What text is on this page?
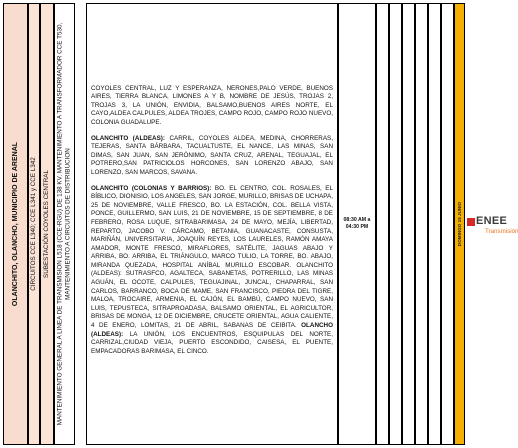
OLANCHITO, OLANCHO, MUNICIPIO DE ARENAL CIRCUITOS CCE L340; CCE L341 y CCE L342 SUBESTACIÓN COYOLES CENTRAL MANTENIMIENTO GENERAL A LINEA DE TRANSMISION L518 (CCE-RGU) DE 138 KV, MANTENIMIENTO A TRANSFORMADOR CCE T530, MANTENIMIENTO A CIRCUITOS DE DISTRIBUCION

COYOLES CENTRAL, LUZ Y ESPERANZA, NERONES,PALO VERDE, BUENOS AIRES, TIERRA BLANCA, LIMONES A Y B, NOMBRE DE JESÚS, TROJAS 2, TROJAS 3, LA UNIÓN, ENVIDIA, BALSAMO,BUENOS AIRES NORTE, EL CAYO,ALDEA CALPULES, ALDEA TROJES, CAMPO ROJO, CAMPO ROJO NUEVO, COLONIA GUADALUPE.

OLANCHITO (ALDEAS): CARRIL, COYOLES ALDEA, MEDINA, CHORRERAS, TEJERAS, SANTA BÁRBARA, TACUALTUSTE, EL NANCE, LAS MINAS, SAN DIMAS, SAN JUAN, SAN JERÓNIMO, SANTA CRUZ, ARENAL, TEGUAJAL, EL POTRERO,SAN PATRICIOLOS HORCONES, SAN LORENZO ABAJO, SAN LORENZO, SAN MARCOS, SAVANA.

OLANCHITO (COLONIAS Y BARRIOS): BO. EL CENTRO, COL. ROSALES, EL BÍBLICO, DIONISIO, LOS ANGELES, SAN JORGE, MURILLO, BRISAS DE UCHAPA, 25 DE NOVIEMBRE, VALLE FRESCO, BO. LA ESTACIÓN, COL. BELLA VISTA, PONCE, GUILLERMO, SAN LUIS, 21 DE NOVIEMBRE, 15 DE SEPTIEMBRE, 8 DE FEBRERO, ROSA LUQUE, SITRABARIMASA, 24 DE MAYO, MEJÍA, LIBERTAD, REPARTO, JACOBO V. CÁRCAMO, BETANIA, GUANACASTE, CONSUSTA, MARIÑÁN, UNIVERSITARIA, JOAQUÍN REYES, LOS LAURELES, RAMÓN AMAYA AMADOR, MONTE FRESCO, MIRAFLORES, SATÉLITE, JAGUAS ABAJO Y ARRIBA, BO. ARRIBA, EL TRIÁNGULO, MARCO TULIO, LA TORRE, BO. ABAJO, MIRANDA QUEZADA, HOSPITAL ANÍBAL MURILLO ESCOBAR. OLANCHITO (ALDEAS): SUTRASFCO, AGALTECA, SABANETAS, POTRERILLO, LAS MINAS AGUÁN, EL OCOTE, CALPULES, TEGUAJINAL, JUNCAL, CHAPARRAL, SAN CARLOS, BARRANCO, BOCA DE MAME, SAN FRANCISCO, PIEDRA DEL TIGRE, MALOA, TROCAIRE, ARMENIA, EL CAJÓN, EL BAMBÚ, CAMPO NUEVO, SAN LUIS, TEPUSTECA, SITRAPROADASA, BALSAMO ORIENTAL, EL AGRICULTOR, BRISAS DE MONGA, 12 DE DICIEMBRE, CRUCETE ORIENTAL, AGUA CALIENTE, 4 DE ENERO, LOMITAS, 21 DE ABRIL, SABANAS DE CEIBITA. OLANCHO (ALDEAS): LA UNIÓN, LOS ENCUENTROS, ESQUIPULAS DEL NORTE, CARRIZAL,CIUDAD VIEJA, PUERTO ESCONDIDO, CAISESA, EL PUENTE, EMPACADORAS BARIMASA, EL CINCO.

08:30 AM a
04:30 PM	DOMINGO 15 JUNIO ENEE
Transmisión
